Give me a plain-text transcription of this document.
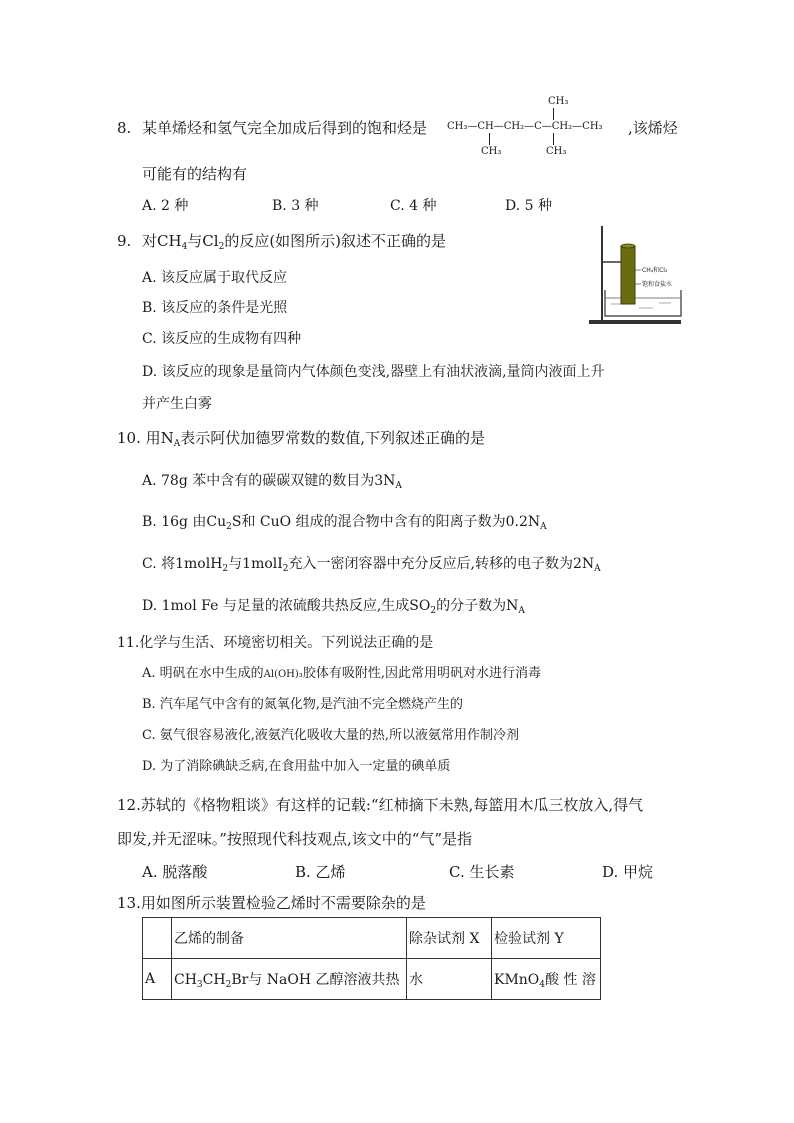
8. 某单烯烃和氢气完全加成后得到的饱和烃是
CH₃
CH₃—CH—CH₂—C—CH₂—CH₃
CH₃	CH₃
,该烯烃
可能有的结构有
A. 2 种	B. 3 种	C. 4 种	D. 5 种
9. 对$CH_4$与$Cl_2$的反应(如图所示)叙述不正确的是
CH₄和Cl₂
饱和食盐水
A. 该反应属于取代反应
B. 该反应的条件是光照
C. 该反应的生成物有四种
D. 该反应的现象是量筒内气体颜色变浅,器壁上有油状液滴,量筒内液面上升
并产生白雾
10. 用$N_A$表示阿伏加德罗常数的数值,下列叙述正确的是
A. 78g 苯中含有的碳碳双键的数目为$3N_A$
B. 16g 由$Cu_2S$和 CuO 组成的混合物中含有的阳离子数为$0.2N_A$
C. 将1molH$_2$与1molI$_2$充入一密闭容器中充分反应后,转移的电子数为$2N_A$
D. 1mol Fe 与足量的浓硫酸共热反应,生成$SO_2$的分子数为$N_A$
11.化学与生活、环境密切相关。下列说法正确的是
A. 明矾在水中生成的Al(OH)₃胶体有吸附性,因此常用明矾对水进行消毒
B. 汽车尾气中含有的氮氧化物,是汽油不完全燃烧产生的
C. 氨气很容易液化,液氨汽化吸收大量的热,所以液氨常用作制冷剂
D. 为了消除碘缺乏病,在食用盐中加入一定量的碘单质
12.苏轼的《格物粗谈》有这样的记载:“红柿摘下未熟,每篮用木瓜三枚放入,得气
即发,并无涩味。”按照现代科技观点,该文中的“气”是指
A. 脱落酸	B. 乙烯	C. 生长素	D. 甲烷
13.用如图所示装置检验乙烯时不需要除杂的是
	乙烯的制备	除杂试剂 X	检验试剂 Y
A	$CH_3CH_2Br$与 NaOH 乙醇溶液共热	水	KMnO$_4$酸 性 溶
